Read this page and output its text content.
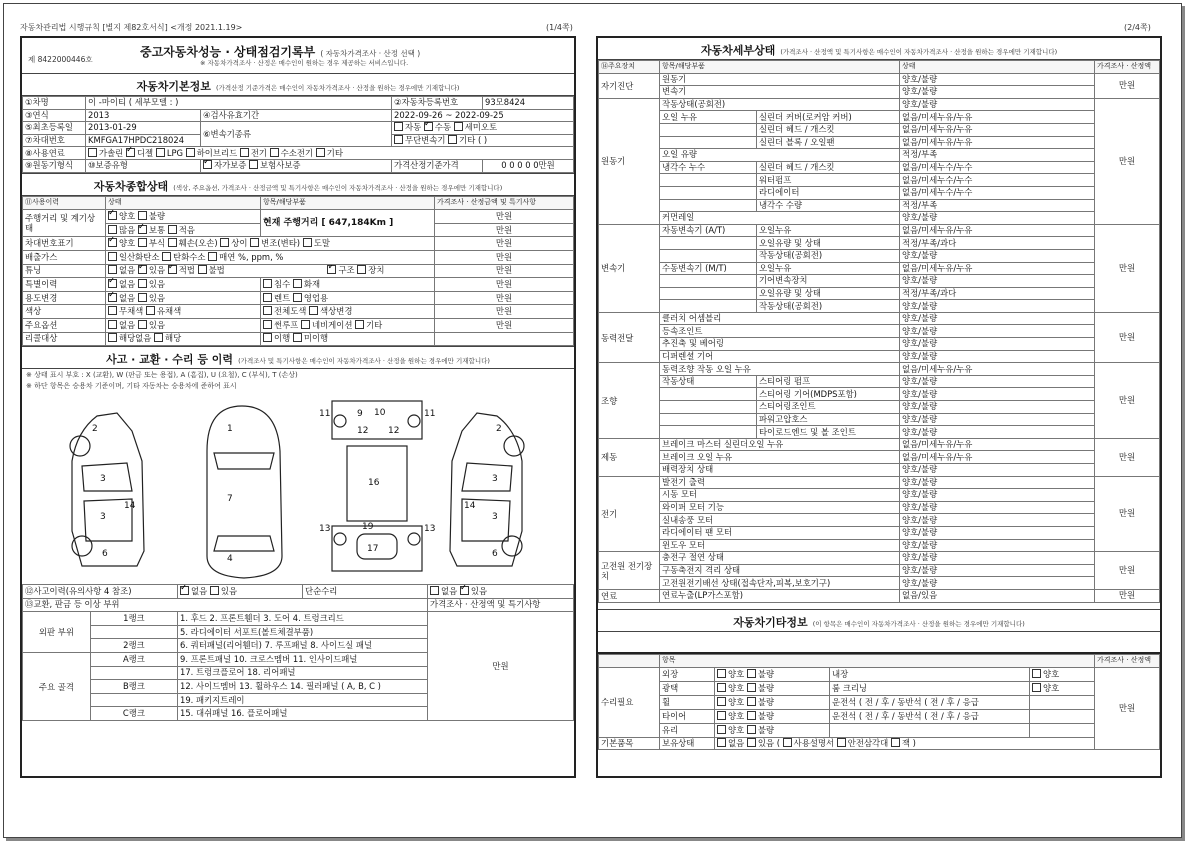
자동차관리법 시행규칙 [별지 제82호서식] <개정 2021.1.19>	(1/4쪽)	(2/4쪽)
제 8422000446호
중고자동차성능 · 상태점검기록부 ( 자동차가격조사 · 산정 선택 )
※ 자동차가격조사 · 산정은 매수인이 원하는 경우 제공하는 서비스입니다.
자동차기본정보 (가격산정 기준가격은 매수인이 자동차가격조사 · 산정을 원하는 경우에만 기재합니다)
①차명	이 -마이티 ( 세부모델 : )		②자동차등록번호	93모8424
③연식	2013	④검사유효기간	2022-09-26 ~ 2022-09-25	
⑤최초등록일	2013-01-29	⑥변속기종류	자동 ✓ 수동 세미오토
⑦차대번호	KMFGA17HPDC218024		무단변속기 기타 ( )	
⑧사용연료	가솔린 ✓ 디젤 LPG 하이브리드 전기 수소전기 기타
⑨원동기형식	⑩보증유형	✓자가보증 보험사보증	가격산정기준가격	0 0 0 0 0만원
자동차종합상태 (색상, 주요옵션, 가격조사 · 산정금액 및 특기사항은 매수인이 자동차가격조사 · 산정을 원하는 경우에만 기재합니다)
⑪사용이력	상태	항목/해당부품	가격조사 · 산정금액 및 특기사항
주행거리 및 계기상태	✓양호 불량	현재 주행거리 [ 647,184Km ]	만원
	많음 ✓ 보통 적음		만원
차대번호표기	✓양호 부식 훼손(오손) 상이 변조(변타) 도말		만원
배출가스	일산화탄소 탄화수소 매연 %, ppm, %		만원
튜닝	없음 ✓ 있음 ✓ 적법 불법 ✓ 구조 장치		만원
특별이력	✓없음 있음	침수 화재	만원
용도변경	✓없음 있음	렌트 영업용	만원
색상	무채색 유채색	전체도색 색상변경	만원
주요옵션	없음 있음	썬루프 네비게이션 기타	만원
리콜대상	해당없음 해당	이행 미이행	
사고 · 교환 · 수리 등 이력 (가격조사 및 특기사항은 매수인이 자동차가격조사 · 산정을 원하는 경우에만 기재합니다)
※ 상태 표시 부호 : X (교환), W (판금 또는 용접), A (흠집), U (요철), C (부식), T (손상)
※ 하단 항목은 승용차 기준이며, 기타 자동차는 승용차에 준하여 표시
2
3
3
14
6
1
7
4
9 10
12 12
16
19
17
11	11
13	13
2
3
3
14
6
⑫사고이력(유의사항 4 참조)	✓없음 있음	단순수리	없음 ✓ 있음
⑬교환, 판금 등 이상 부위				가격조사 · 산정액 및 특기사항
외판 부위	1랭크	1. 후드 2. 프론트휀더 3. 도어 4. 트렁크리드		만원
		5. 라디에이터 서포트(볼트체결부품)		
	2랭크	6. 쿼터패널(리어휀더) 7. 루프패널 8. 사이드실 패널		
주요 골격	A랭크	9. 프론트패널 10. 크로스멤버 11. 인사이드패널		
		17. 트렁크플로어 18. 리어패널		
	B랭크	12. 사이드멤버 13. 휠하우스 14. 필러패널 ( A, B, C )		
		19. 패키지트레이		
	C랭크	15. 대쉬패널 16. 플로어패널		
자동차세부상태 (가격조사 · 산정액 및 특기사항은 매수인이 자동차가격조사 · 산정을 원하는 경우에만 기재합니다)
⑭주요장치	항목/해당부품		상태	가격조사 · 산정액
자기진단	원동기		양호/불량	만원
	변속기		양호/불량	
원동기	작동상태(공회전)		양호/불량	만원
	오일 누유	실린더 커버(로커암 커버)	없음/미세누유/누유	
		실린더 헤드 / 개스킷	없음/미세누유/누유	
		실린더 블록 / 오일팬	없음/미세누유/누유	
	오일 유량		적정/부족	
	냉각수 누수	실린더 헤드 / 개스킷	없음/미세누수/누수	
		워터펌프	없음/미세누수/누수	
		라디에이터	없음/미세누수/누수	
		냉각수 수량	적정/부족	
	커먼레일		양호/불량	
변속기	자동변속기 (A/T)	오일누유	없음/미세누유/누유	만원
		오일유량 및 상태	적정/부족/과다	
		작동상태(공회전)	양호/불량	
	수동변속기 (M/T)	오일누유	없음/미세누유/누유	
		기어변속장치	양호/불량	
		오일유량 및 상태	적정/부족/과다	
		작동상태(공회전)	양호/불량	
동력전달	클러치 어셈블리		양호/불량	만원
	등속조인트		양호/불량	
	추진축 및 베어링		양호/불량	
	디퍼렌셜 기어		양호/불량	
조향	동력조향 작동 오일 누유		없음/미세누유/누유	만원
	작동상태	스티어링 펌프	양호/불량	
		스티어링 기어(MDPS포함)	양호/불량	
		스티어링조인트	양호/불량	
		파워고압호스	양호/불량	
		타이로드엔드 및 볼 조인트	양호/불량	
제동	브레이크 마스터 실린더오일 누유		없음/미세누유/누유	만원
	브레이크 오일 누유		없음/미세누유/누유	
	배력장치 상태		양호/불량	
전기	발전기 출력		양호/불량	만원
	시동 모터		양호/불량	
	와이퍼 모터 기능		양호/불량	
	실내송풍 모터		양호/불량	
	라디에이터 팬 모터		양호/불량	
	윈도우 모터		양호/불량	
고전원 전기장치	충전구 절연 상태		양호/불량	만원
	구동축전지 격리 상태		양호/불량	
	고전원전기배선 상태(접속단자,피복,보호기구)		양호/불량	
연료	연료누출(LP가스포함)		없음/있음	만원
자동차기타정보 (이 항목은 매수인이 자동차가격조사 · 산정을 원하는 경우에만 기재합니다)
	항목				가격조사 · 산정액
수리필요	외장	양호 불량	내장	양호	만원
	광택	양호 불량	룸 크리닝	양호	
	휠	양호 불량	운전석 ( 전 / 후 / 동반석 ( 전 / 후 / 응급		
	타이어	양호 불량	운전석 ( 전 / 후 / 동반석 ( 전 / 후 / 응급		
	유리	양호 불량			
기본품목	보유상태	없음 있음 ( 사용설명서 안전삼각대 잭 )			
